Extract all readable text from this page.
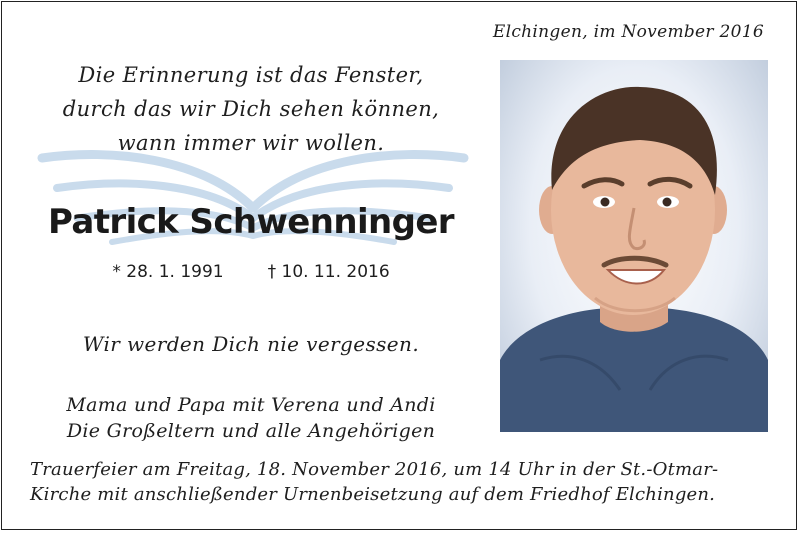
Elchingen, im November 2016
Die Erinnerung ist das Fenster,
durch das wir Dich sehen können,
wann immer wir wollen.
Patrick Schwenninger
* 28. 1. 1991	† 10. 11. 2016
Wir werden Dich nie vergessen.
Mama und Papa mit Verena und Andi
Die Großeltern und alle Angehörigen
Trauerfeier am Freitag, 18. November 2016, um 14 Uhr in der St.-Otmar-
Kirche mit anschließender Urnenbeisetzung auf dem Friedhof Elchingen.
